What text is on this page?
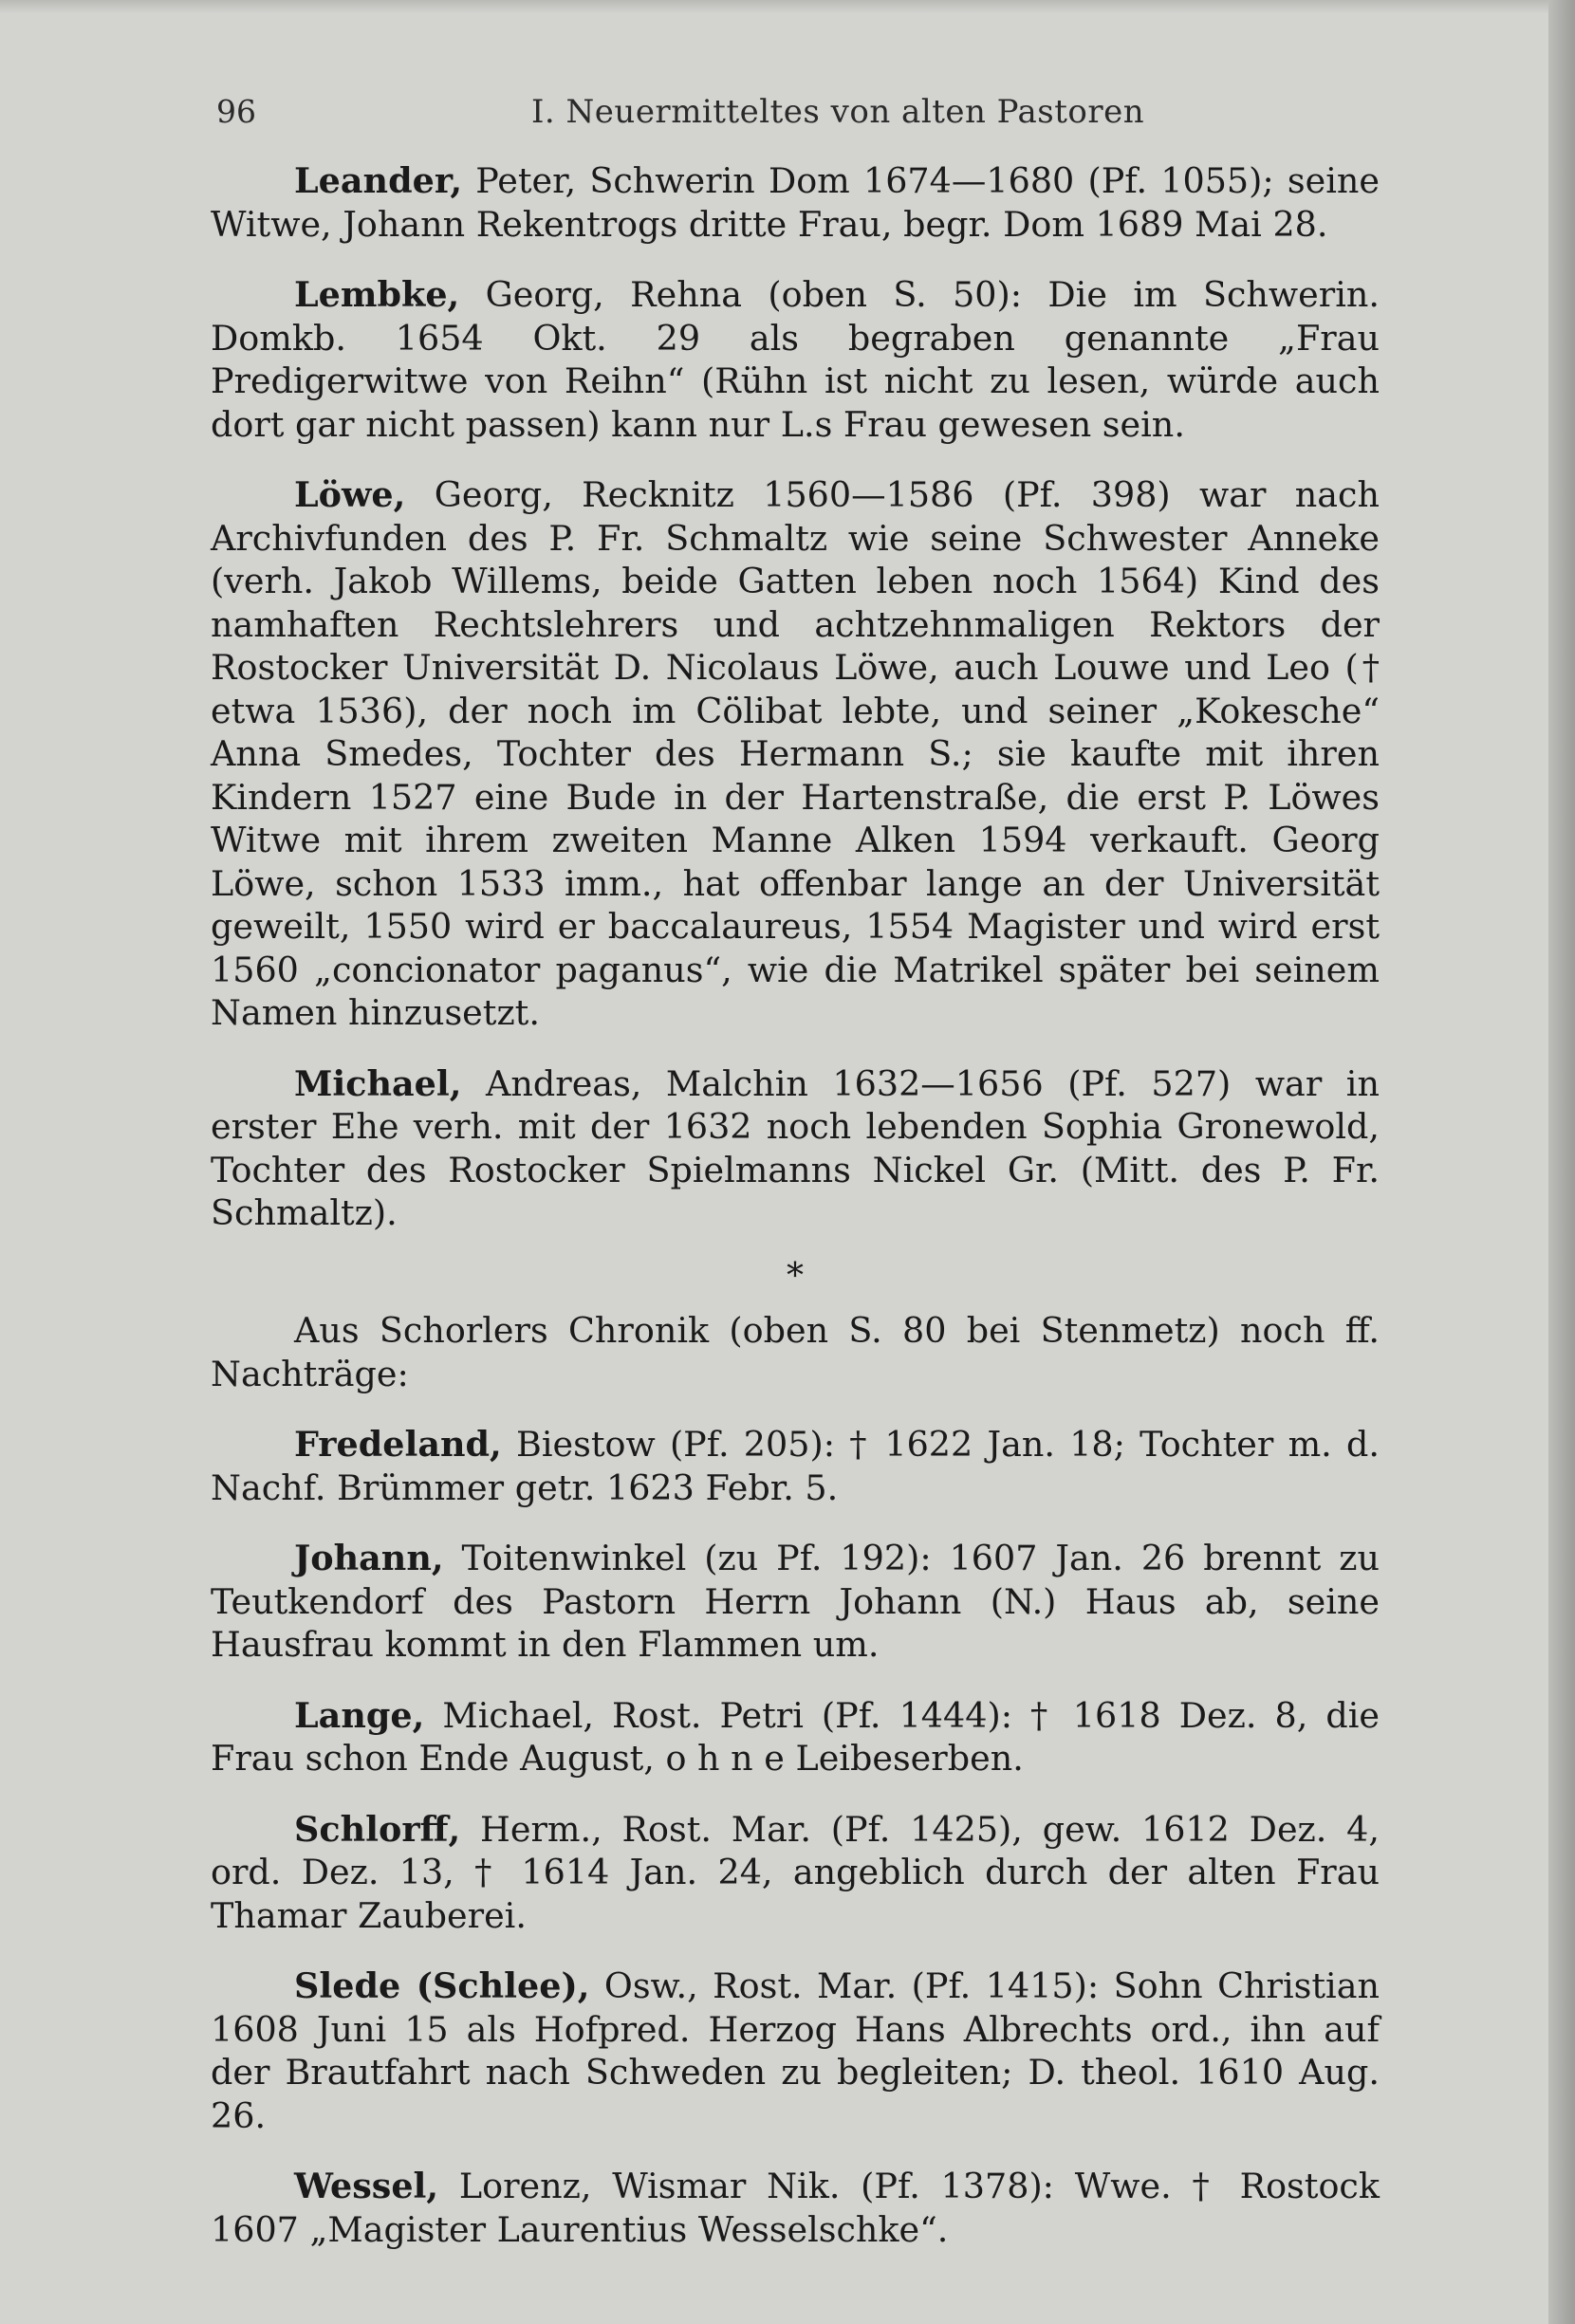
96	I. Neuermitteltes von alten Pastoren

Leander, Peter, Schwerin Dom 1674—1680 (Pf. 1055); seine Witwe, Johann Rekentrogs dritte Frau, begr. Dom 1689 Mai 28.

Lembke, Georg, Rehna (oben S. 50): Die im Schwerin. Domkb. 1654 Okt. 29 als begraben genannte „Frau Predigerwitwe von Reihn“ (Rühn ist nicht zu lesen, würde auch dort gar nicht passen) kann nur L.s Frau gewesen sein.

Löwe, Georg, Recknitz 1560—1586 (Pf. 398) war nach Archivfunden des P. Fr. Schmaltz wie seine Schwester Anneke (verh. Jakob Willems, beide Gatten leben noch 1564) Kind des namhaften Rechtslehrers und achtzehnmaligen Rektors der Rostocker Universität D. Nicolaus Löwe, auch Louwe und Leo († etwa 1536), der noch im Cölibat lebte, und seiner „Kokesche“ Anna Smedes, Tochter des Hermann S.; sie kaufte mit ihren Kindern 1527 eine Bude in der Hartenstraße, die erst P. Löwes Witwe mit ihrem zweiten Manne Alken 1594 verkauft. Georg Löwe, schon 1533 imm., hat offenbar lange an der Universität geweilt, 1550 wird er baccalaureus, 1554 Magister und wird erst 1560 „concionator paganus“, wie die Matrikel später bei seinem Namen hinzusetzt.

Michael, Andreas, Malchin 1632—1656 (Pf. 527) war in erster Ehe verh. mit der 1632 noch lebenden Sophia Gronewold, Tochter des Rostocker Spielmanns Nickel Gr. (Mitt. des P. Fr. Schmaltz).

*

Aus Schorlers Chronik (oben S. 80 bei Stenmetz) noch ff. Nachträge:

Fredeland, Biestow (Pf. 205): † 1622 Jan. 18; Tochter m. d. Nachf. Brümmer getr. 1623 Febr. 5.

Johann, Toitenwinkel (zu Pf. 192): 1607 Jan. 26 brennt zu Teutkendorf des Pastorn Herrn Johann (N.) Haus ab, seine Hausfrau kommt in den Flammen um.

Lange, Michael, Rost. Petri (Pf. 1444): † 1618 Dez. 8, die Frau schon Ende August, o h n e Leibeserben.

Schlorff, Herm., Rost. Mar. (Pf. 1425), gew. 1612 Dez. 4, ord. Dez. 13, † 1614 Jan. 24, angeblich durch der alten Frau Thamar Zauberei.

Slede (Schlee), Osw., Rost. Mar. (Pf. 1415): Sohn Christian 1608 Juni 15 als Hofpred. Herzog Hans Albrechts ord., ihn auf der Brautfahrt nach Schweden zu begleiten; D. theol. 1610 Aug. 26.

Wessel, Lorenz, Wismar Nik. (Pf. 1378): Wwe. † Rostock 1607 „Magister Laurentius Wesselschke“.
